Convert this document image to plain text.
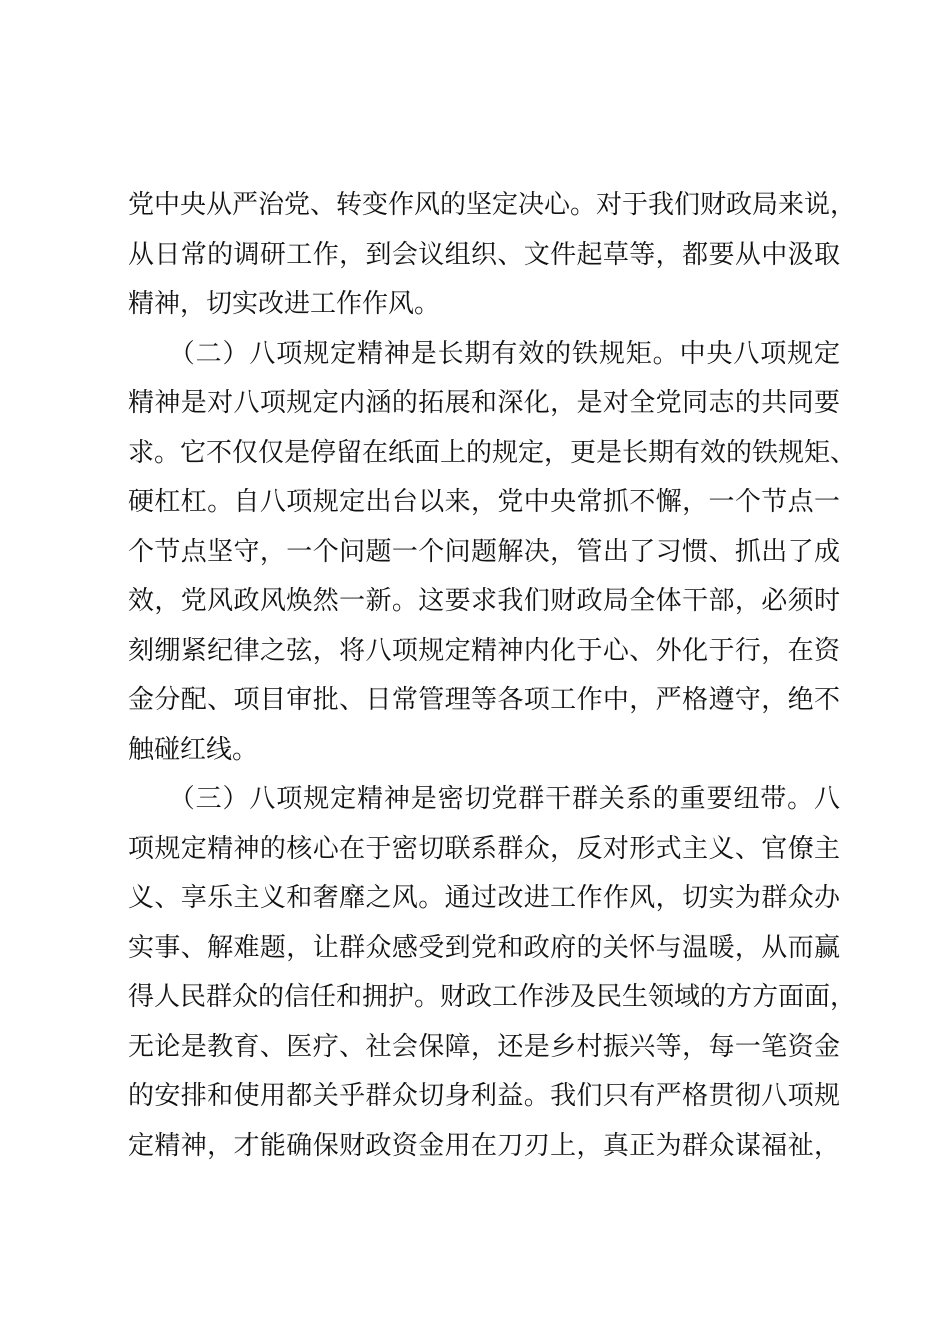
党中央从严治党、转变作风的坚定决心。对于我们财政局来说，
从日常的调研工作，到会议组织、文件起草等，都要从中汲取
精神，切实改进工作作风。
　　（二）八项规定精神是长期有效的铁规矩。中央八项规定
精神是对八项规定内涵的拓展和深化，是对全党同志的共同要
求。它不仅仅是停留在纸面上的规定，更是长期有效的铁规矩、
硬杠杠。自八项规定出台以来，党中央常抓不懈，一个节点一
个节点坚守，一个问题一个问题解决，管出了习惯、抓出了成
效，党风政风焕然一新。这要求我们财政局全体干部，必须时
刻绷紧纪律之弦，将八项规定精神内化于心、外化于行，在资
金分配、项目审批、日常管理等各项工作中，严格遵守，绝不
触碰红线。
　　（三）八项规定精神是密切党群干群关系的重要纽带。八
项规定精神的核心在于密切联系群众，反对形式主义、官僚主
义、享乐主义和奢靡之风。通过改进工作作风，切实为群众办
实事、解难题，让群众感受到党和政府的关怀与温暖，从而赢
得人民群众的信任和拥护。财政工作涉及民生领域的方方面面，
无论是教育、医疗、社会保障，还是乡村振兴等，每一笔资金
的安排和使用都关乎群众切身利益。我们只有严格贯彻八项规
定精神，才能确保财政资金用在刀刃上，真正为群众谋福祉，
